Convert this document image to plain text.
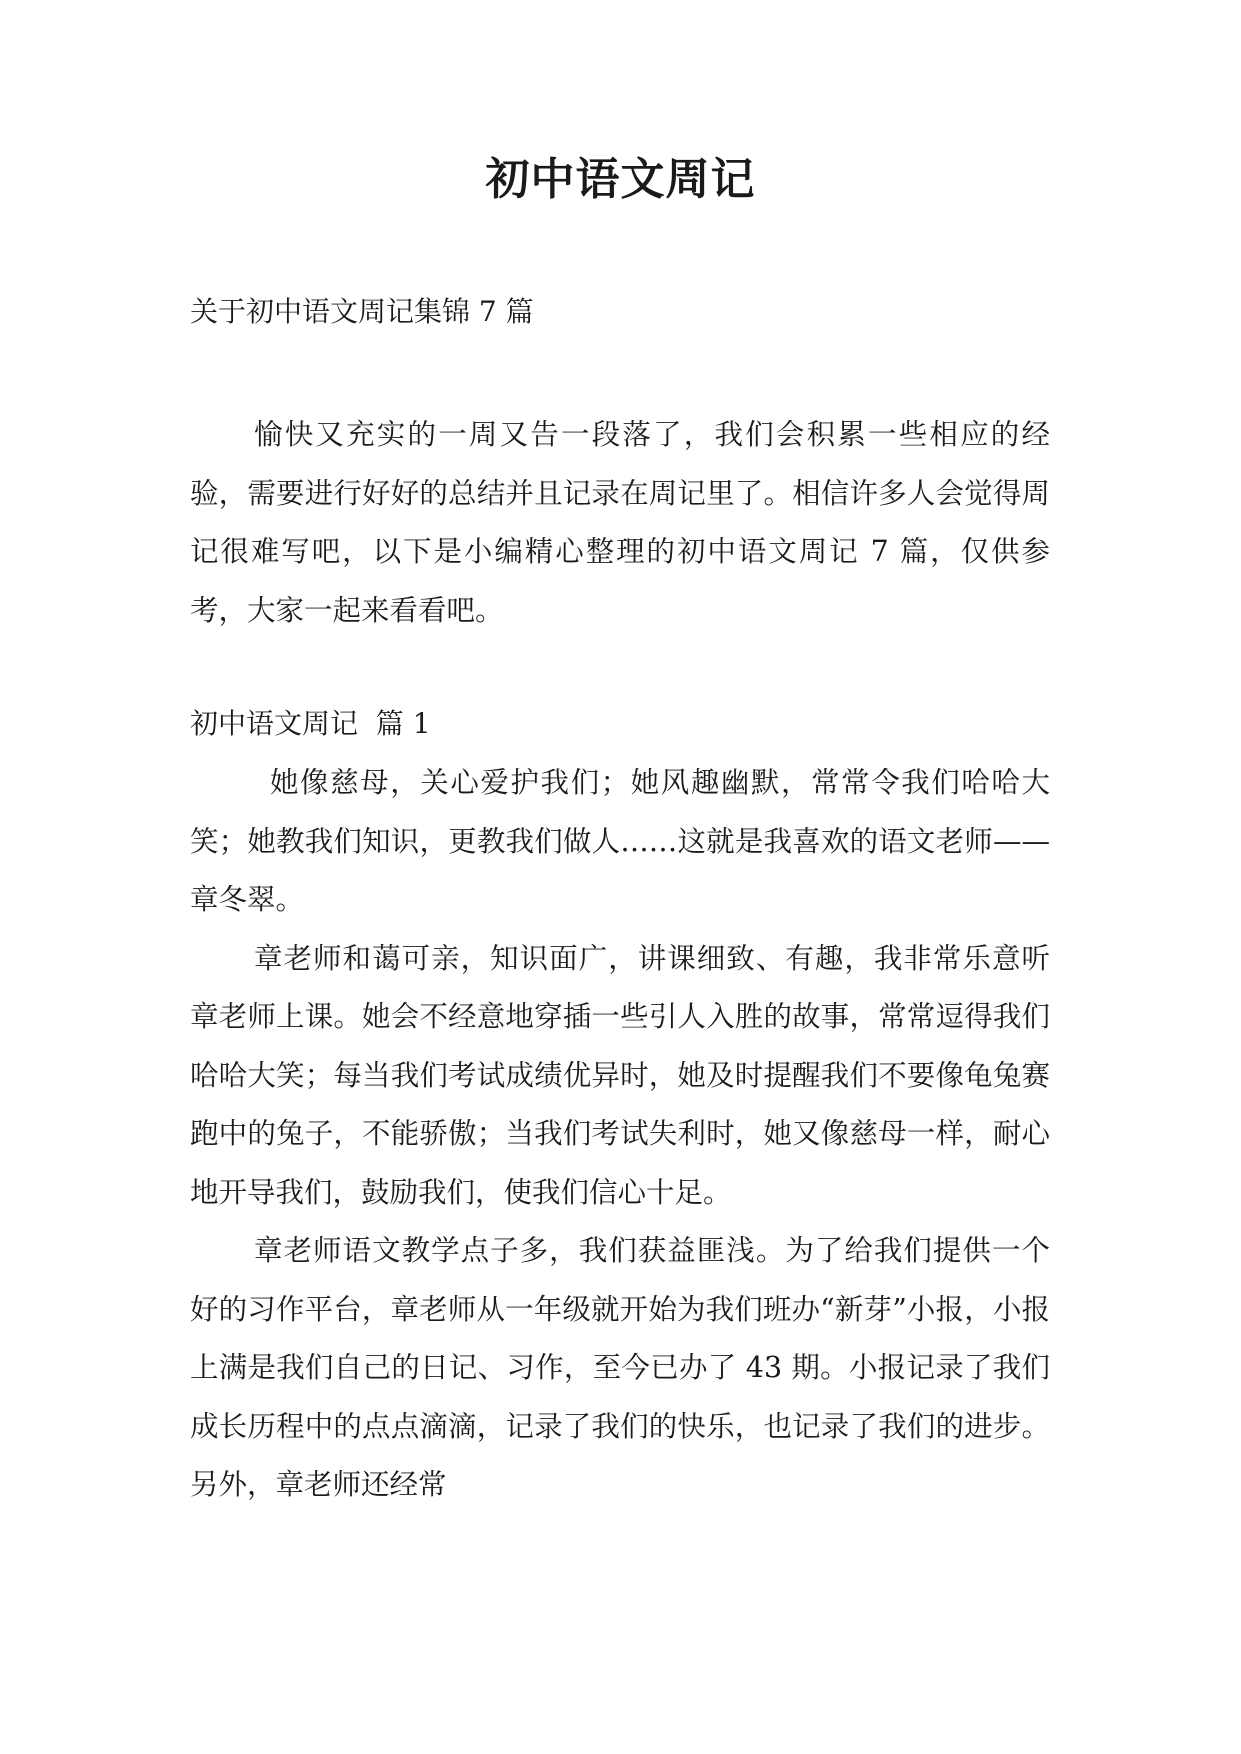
初中语文周记
关于初中语文周记集锦 7 篇

愉快又充实的一周又告一段落了，我们会积累一些相应的经验，需要进行好好的总结并且记录在周记里了。相信许多人会觉得周记很难写吧，以下是小编精心整理的初中语文周记 7 篇，仅供参考，大家一起来看看吧。

初中语文周记  篇 1

她像慈母，关心爱护我们；她风趣幽默，常常令我们哈哈大笑；她教我们知识，更教我们做人……这就是我喜欢的语文老师——章冬翠。

章老师和蔼可亲，知识面广，讲课细致、有趣，我非常乐意听章老师上课。她会不经意地穿插一些引人入胜的故事，常常逗得我们哈哈大笑；每当我们考试成绩优异时，她及时提醒我们不要像龟兔赛跑中的兔子，不能骄傲；当我们考试失利时，她又像慈母一样，耐心地开导我们，鼓励我们，使我们信心十足。

章老师语文教学点子多，我们获益匪浅。为了给我们提供一个好的习作平台，章老师从一年级就开始为我们班办“新芽”小报，小报上满是我们自己的日记、习作，至今已办了 43 期。小报记录了我们成长历程中的点点滴滴，记录了我们的快乐，也记录了我们的进步。另外，章老师还经常
